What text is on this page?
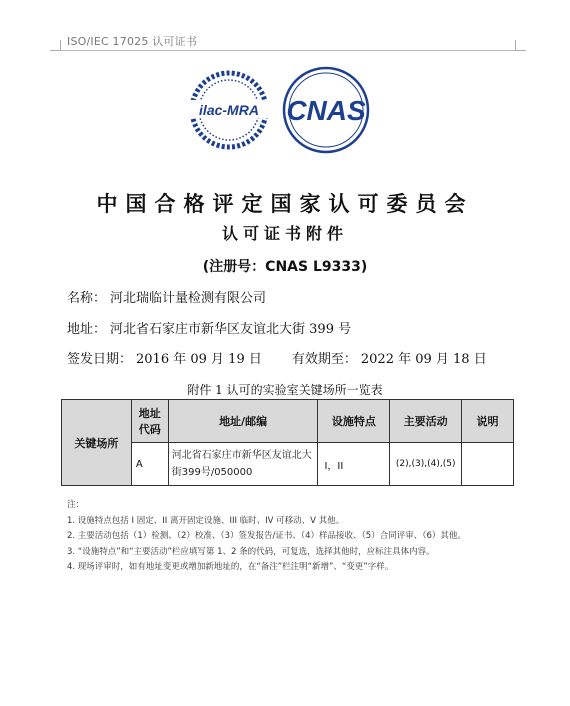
ISO/IEC 17025 认可证书
ilac-MRA CNAS
中国合格评定国家认可委员会
认可证书附件
(注册号：CNAS L9333)
名称： 河北瑞临计量检测有限公司
地址： 河北省石家庄市新华区友谊北大街 399 号
签发日期： 2016 年 09 月 19 日 有效期至： 2022 年 09 月 18 日
附件 1 认可的实验室关键场所一览表
关键场所	地址代码	地址/邮编	设施特点	主要活动	说明
	A	河北省石家庄市新华区友谊北大街399号/050000	I，II	(2),(3),(4),(5)	
注：
1. 设施特点包括 I 固定、II 离开固定设施、III 临时、IV 可移动、V 其他。
2. 主要活动包括（1）检测、（2）校准、（3）签发报告/证书、（4）样品接收、（5）合同评审、（6）其他。
3. “设施特点”和“主要活动”栏应填写第 1、2 条的代码，可复选，选择其他时，应标注具体内容。
4. 现场评审时，如有地址变更或增加新地址的，在“备注”栏注明“新增”、“变更”字样。
